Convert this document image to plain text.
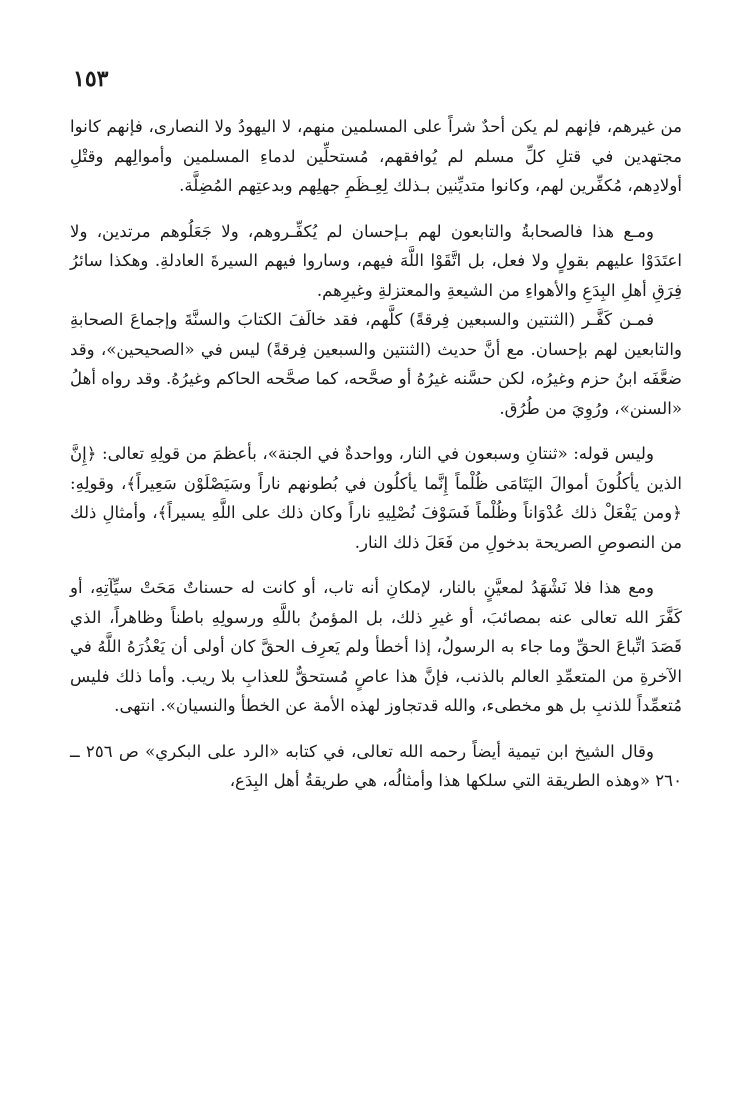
١٥٣

من غيرهم، فإنهم لم يكن أحدٌ شراً على المسلمين منهم، لا اليهودُ ولا النصارى، فإنهم كانوا مجتهدين في قتلِ كلِّ مسلم لم يُوافقهم، مُستحلِّين لدماءِ المسلمين وأموالِهم وقتْلِ أولادِهم، مُكفِّرين لهم، وكانوا متديِّنين بـذلك لِعِـظَمِ جهلِهم وبدعتِهم المُضِلَّة.

ومـع هذا فالصحابةُ والتابعون لهم بـإحسان لم يُكفِّـروهم، ولا جَعَلُوهم مرتدين، ولا اعتَدَوْا عليهم بقولٍ ولا فعل، بل اتَّقَوْا اللَّهَ فيهم، وساروا فيهم السيرةَ العادلةِ. وهكذا سائرُ فِرَقِ أهلِ البِدَعِ والأهواءِ من الشيعةِ والمعتزلةِ وغيرِهم.

فمـن كَفَّـر (الثنتين والسبعين فِرقةً) كلَّهم، فقد خالَفَ الكتابَ والسنَّةَ وإجماعَ الصحابةِ والتابعين لهم بإحسان. مع أنَّ حديث (الثنتين والسبعين فِرقةً) ليس في «الصحيحين»، وقد ضعَّفَه ابنُ حزم وغيرُه، لكن حسَّنه غيرُهُ أو صحَّحه، كما صحَّحه الحاكم وغيرُهُ. وقد رواه أهلُ «السنن»، ورُوِيَ من طُرُق.

وليس قوله: «ثنتانِ وسبعون في النار، وواحدةٌ في الجنة»، بأعظمَ من قولِهِ تعالى: ﴿إِنَّ الذين يأكلُونَ أموالَ اليَتَامَى ظُلْماً إِنَّما يأكلُون في بُطونهم ناراً وسَيَصْلَوْن سَعِيراً﴾، وقولِهِ: ﴿ومن يَفْعَلْ ذلك عُدْوَاناً وظُلْماً فَسَوْفَ نُصْلِيهِ ناراً وكان ذلك على اللَّهِ يسيراً﴾، وأمثالِ ذلك من النصوصِ الصريحة بدخولِ من فَعَلَ ذلك النار.

ومع هذا فلا نَشْهَدُ لمعيَّنٍ بالنار، لإمكانِ أنه تاب، أو كانت له حسناتٌ مَحَتْ سيِّآتِهِ، أو كَفَّرَ الله تعالى عنه بمصائبَ، أو غيرِ ذلك، بل المؤمنُ باللَّهِ ورسولِهِ باطناً وظاهراً، الذي قَصَدَ اتِّباعَ الحقِّ وما جاء به الرسولُ، إذا أخطأ ولم يَعرِف الحقَّ كان أولى أن يَعْذُرَهُ اللَّهُ في الآخرةِ من المتعمِّدِ العالم بالذنب، فإنَّ هذا عاصٍ مُستحقٌّ للعذابِ بلا ريب. وأما ذلك فليس مُتعمِّداً للذنبِ بل هو مخطىء، والله قدتجاوز لهذه الأمة عن الخطأ والنسيان». انتهى.

وقال الشيخ ابن تيمية أيضاً رحمه الله تعالى، في كتابه «الرد على البكري» ص ٢٥٦ ــ ٢٦٠ «وهذه الطريقة التي سلكها هذا وأمثالُه، هي طريقةُ أهل البِدَع،
